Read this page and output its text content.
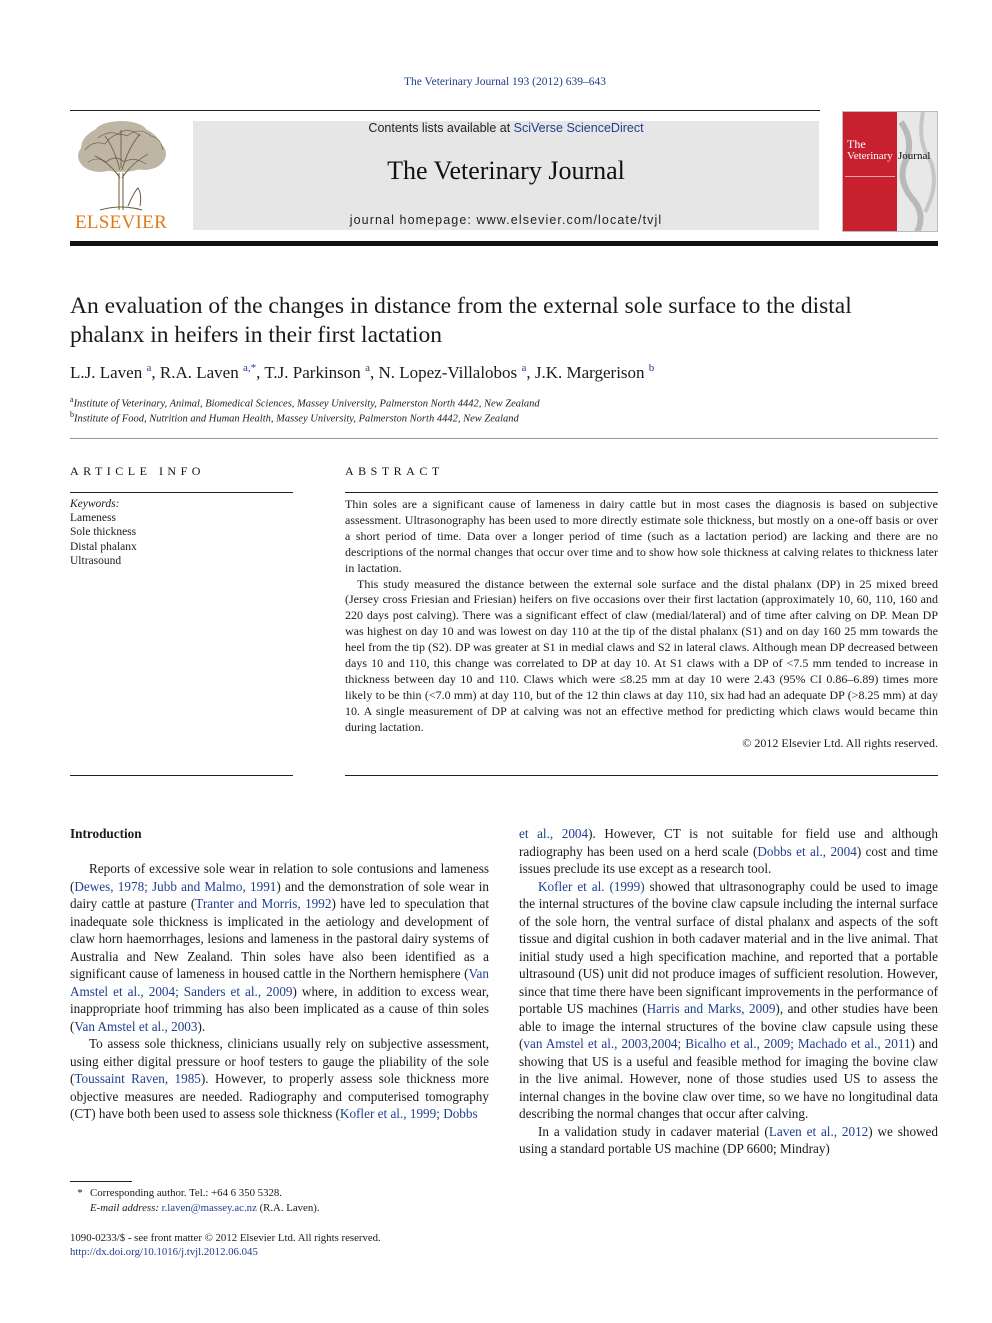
The Veterinary Journal 193 (2012) 639–643
ELSEVIER
Contents lists available at SciVerse ScienceDirect
The Veterinary Journal
journal homepage: www.elsevier.com/locate/tvjl
The
Veterinary Journal
An evaluation of the changes in distance from the external sole surface to the distal phalanx in heifers in their first lactation
L.J. Laven $^a$, R.A. Laven $^{a,*}$, T.J. Parkinson $^a$, N. Lopez-Villalobos $^a$, J.K. Margerison $^b$
$^a$Institute of Veterinary, Animal, Biomedical Sciences, Massey University, Palmerston North 4442, New Zealand
$^b$Institute of Food, Nutrition and Human Health, Massey University, Palmerston North 4442, New Zealand
ARTICLE INFO	ABSTRACT
Keywords:
Lameness
Sole thickness
Distal phalanx
Ultrasound

Thin soles are a significant cause of lameness in dairy cattle but in most cases the diagnosis is based on subjective assessment. Ultrasonography has been used to more directly estimate sole thickness, but mostly on a one-off basis or over a short period of time. Data over a longer period of time (such as a lactation period) are lacking and there are no descriptions of the normal changes that occur over time and to show how sole thickness at calving relates to thickness later in lactation.

This study measured the distance between the external sole surface and the distal phalanx (DP) in 25 mixed breed (Jersey cross Friesian and Friesian) heifers on five occasions over their first lactation (approximately 10, 60, 110, 160 and 220 days post calving). There was a significant effect of claw (medial/lateral) and of time after calving on DP. Mean DP was highest on day 10 and was lowest on day 110 at the tip of the distal phalanx (S1) and on day 160 25 mm towards the heel from the tip (S2). DP was greater at S1 in medial claws and S2 in lateral claws. Although mean DP decreased between days 10 and 110, this change was correlated to DP at day 10. At S1 claws with a DP of <7.5 mm tended to increase in thickness between day 10 and 110. Claws which were ≤8.25 mm at day 10 were 2.43 (95% CI 0.86–6.89) times more likely to be thin (<7.0 mm) at day 110, but of the 12 thin claws at day 110, six had had an adequate DP (>8.25 mm) at day 10. A single measurement of DP at calving was not an effective method for predicting which claws would became thin during lactation.

© 2012 Elsevier Ltd. All rights reserved.
Introduction

Reports of excessive sole wear in relation to sole contusions and lameness (Dewes, 1978; Jubb and Malmo, 1991) and the demonstration of sole wear in dairy cattle at pasture (Tranter and Morris, 1992) have led to speculation that inadequate sole thickness is implicated in the aetiology and development of claw horn haemorrhages, lesions and lameness in the pastoral dairy systems of Australia and New Zealand. Thin soles have also been identified as a significant cause of lameness in housed cattle in the Northern hemisphere (Van Amstel et al., 2004; Sanders et al., 2009) where, in addition to excess wear, inappropriate hoof trimming has also been implicated as a cause of thin soles (Van Amstel et al., 2003).

To assess sole thickness, clinicians usually rely on subjective assessment, using either digital pressure or hoof testers to gauge the pliability of the sole (Toussaint Raven, 1985). However, to properly assess sole thickness more objective measures are needed. Radiography and computerised tomography (CT) have both been used to assess sole thickness (Kofler et al., 1999; Dobbs

et al., 2004). However, CT is not suitable for field use and although radiography has been used on a herd scale (Dobbs et al., 2004) cost and time issues preclude its use except as a research tool.

Kofler et al. (1999) showed that ultrasonography could be used to image the internal structures of the bovine claw capsule including the internal surface of the sole horn, the ventral surface of distal phalanx and aspects of the soft tissue and digital cushion in both cadaver material and in the live animal. That initial study used a high specification machine, and reported that a portable ultrasound (US) unit did not produce images of sufficient resolution. However, since that time there have been significant improvements in the performance of portable US machines (Harris and Marks, 2009), and other studies have been able to image the internal structures of the bovine claw capsule using these (van Amstel et al., 2003,2004; Bicalho et al., 2009; Machado et al., 2011) and showing that US is a useful and feasible method for imaging the bovine claw in the live animal. However, none of those studies used US to assess the internal changes in the bovine claw over time, so we have no longitudinal data describing the normal changes that occur after calving.

In a validation study in cadaver material (Laven et al., 2012) we showed using a standard portable US machine (DP 6600; Mindray)

* Corresponding author. Tel.: +64 6 350 5328.
E-mail address: r.laven@massey.ac.nz (R.A. Laven).
1090-0233/$ - see front matter © 2012 Elsevier Ltd. All rights reserved.
http://dx.doi.org/10.1016/j.tvjl.2012.06.045
